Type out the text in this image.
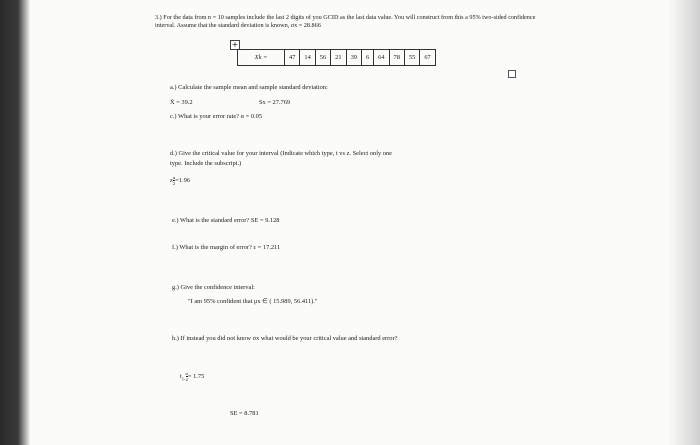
3.) For the data from n = 10 samples include the last 2 digits of you GCID as the last data value. You will construct from this a 95% two-sided confidence interval. Assume that the standard deviation is known, σx = 28.866
+
Xk =	47	14	56	21	39	6	64	78	55	67
a.) Calculate the sample mean and sample standard deviation:
X̄ = 39.2	Sx = 27.769
c.) What is your error rate? α = 0.05
d.) Give the critical value for your interval (Indicate which type, t vs z. Select only one
type. Include the subscript.)
z $\frac{\alpha}{2} =1.96$
e.) What is the standard error? SE = 9.128
f.) What is the margin of error? ε = 17.211
g.) Give the confidence interval:
"I am 95% confident that μx ∈ ( 15.989, 56.411)."
h.) If instead you did not know σx what would be your critical value and standard error?
$t_{1-} \frac{\alpha}{2} = 1.75$
SE = 8.781
